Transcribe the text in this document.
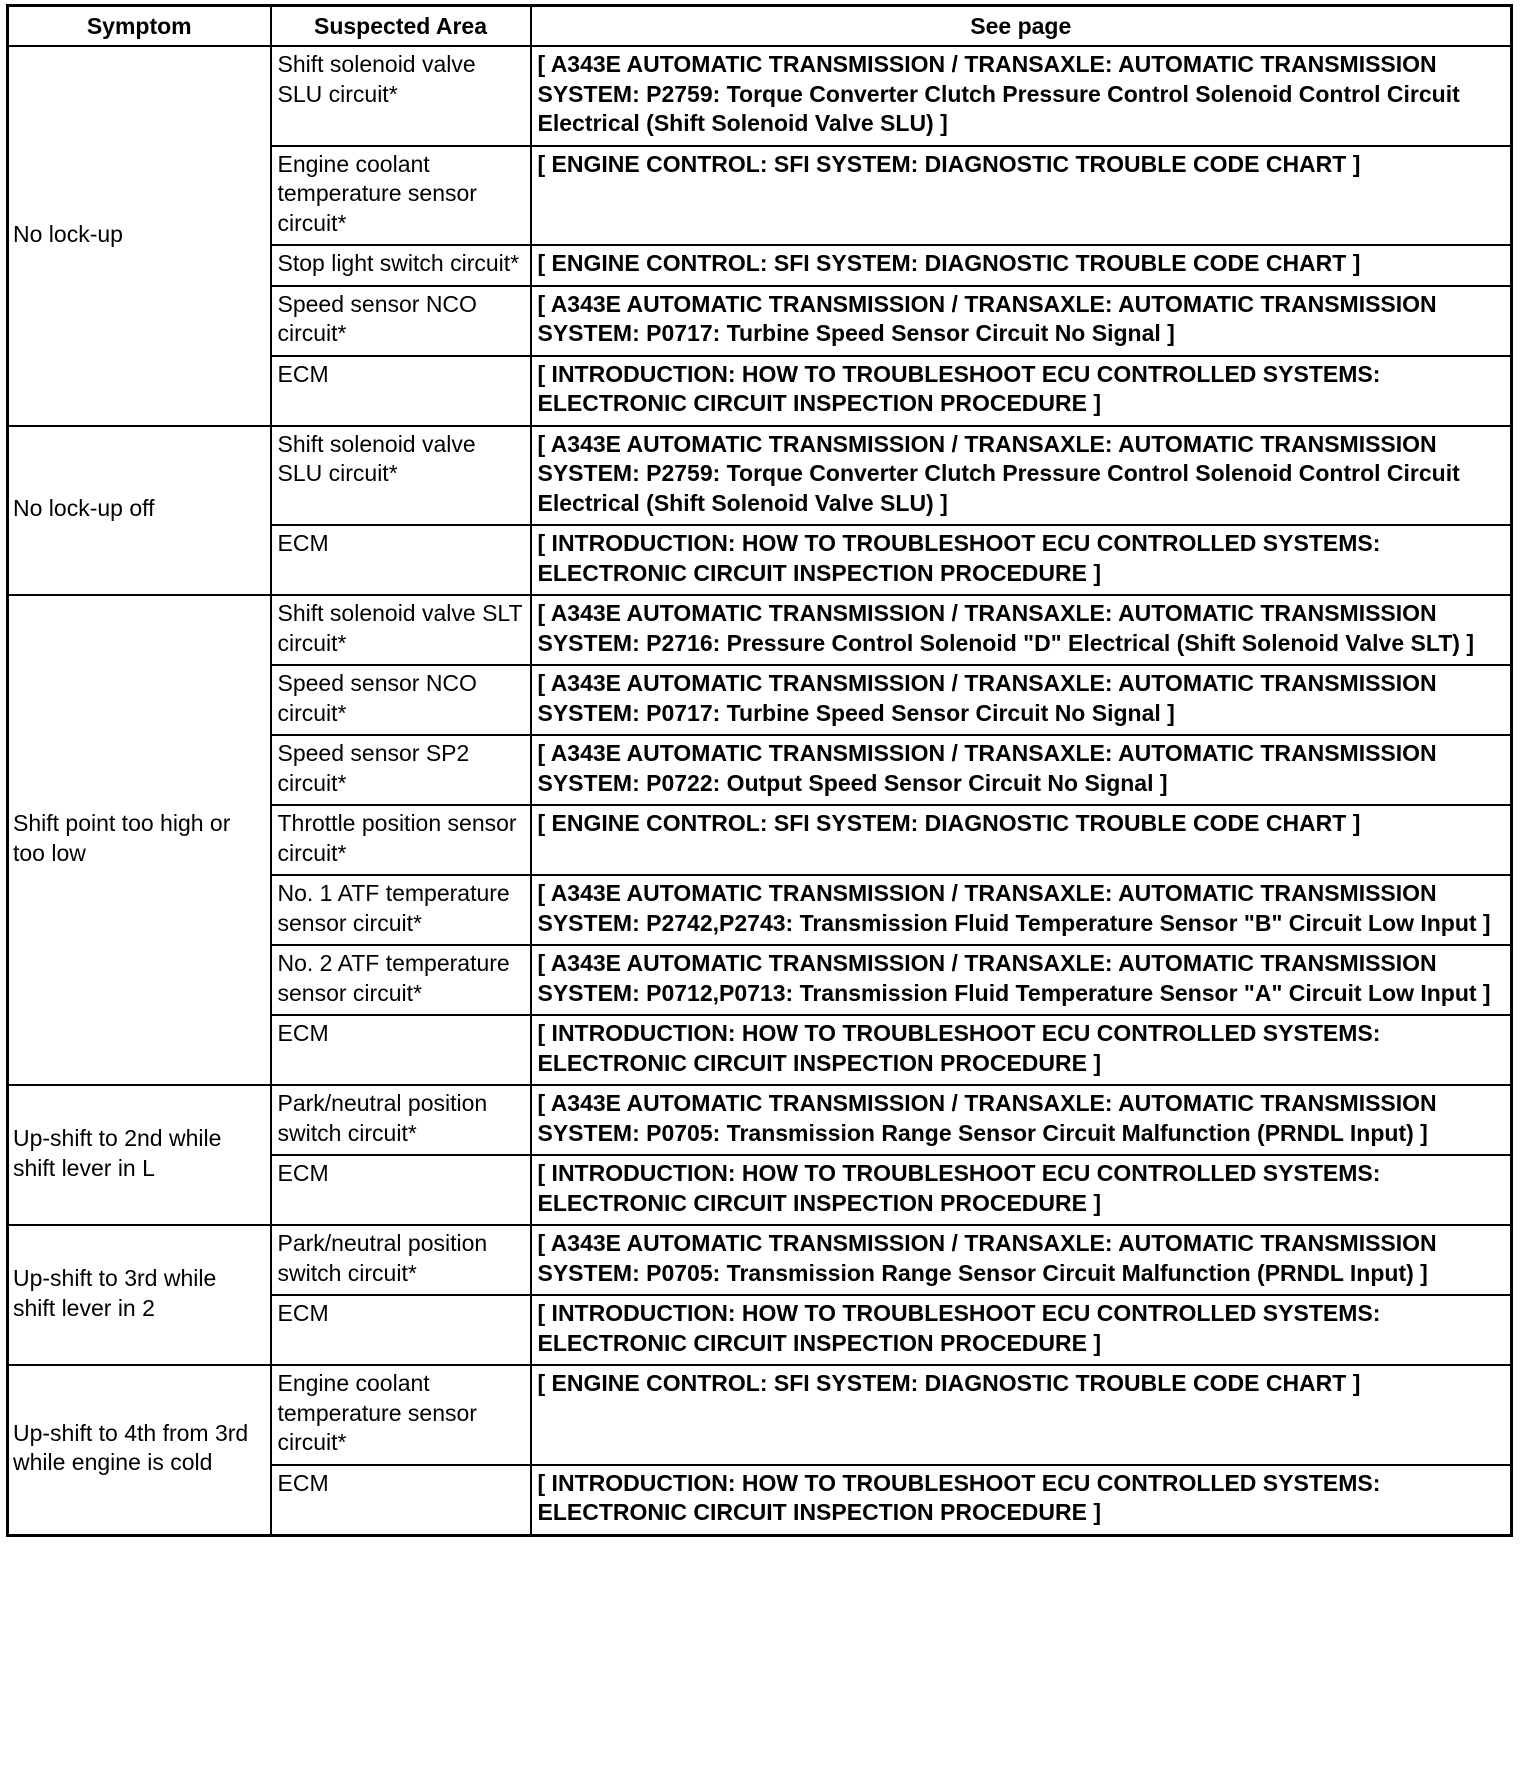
Symptom	Suspected Area	See page
No lock-up	Shift solenoid valve SLU circuit*	[ A343E AUTOMATIC TRANSMISSION / TRANSAXLE: AUTOMATIC TRANSMISSION SYSTEM: P2759: Torque Converter Clutch Pressure Control Solenoid Control Circuit Electrical (Shift Solenoid Valve SLU) ]
	Engine coolant temperature sensor circuit*	[ ENGINE CONTROL: SFI SYSTEM: DIAGNOSTIC TROUBLE CODE CHART ]
	Stop light switch circuit*	[ ENGINE CONTROL: SFI SYSTEM: DIAGNOSTIC TROUBLE CODE CHART ]
	Speed sensor NCO circuit*	[ A343E AUTOMATIC TRANSMISSION / TRANSAXLE: AUTOMATIC TRANSMISSION SYSTEM: P0717: Turbine Speed Sensor Circuit No Signal ]
	ECM	[ INTRODUCTION: HOW TO TROUBLESHOOT ECU CONTROLLED SYSTEMS: ELECTRONIC CIRCUIT INSPECTION PROCEDURE ]
No lock-up off	Shift solenoid valve SLU circuit*	[ A343E AUTOMATIC TRANSMISSION / TRANSAXLE: AUTOMATIC TRANSMISSION SYSTEM: P2759: Torque Converter Clutch Pressure Control Solenoid Control Circuit Electrical (Shift Solenoid Valve SLU) ]
	ECM	[ INTRODUCTION: HOW TO TROUBLESHOOT ECU CONTROLLED SYSTEMS: ELECTRONIC CIRCUIT INSPECTION PROCEDURE ]
Shift point too high or too low	Shift solenoid valve SLT circuit*	[ A343E AUTOMATIC TRANSMISSION / TRANSAXLE: AUTOMATIC TRANSMISSION SYSTEM: P2716: Pressure Control Solenoid "D" Electrical (Shift Solenoid Valve SLT) ]
	Speed sensor NCO circuit*	[ A343E AUTOMATIC TRANSMISSION / TRANSAXLE: AUTOMATIC TRANSMISSION SYSTEM: P0717: Turbine Speed Sensor Circuit No Signal ]
	Speed sensor SP2 circuit*	[ A343E AUTOMATIC TRANSMISSION / TRANSAXLE: AUTOMATIC TRANSMISSION SYSTEM: P0722: Output Speed Sensor Circuit No Signal ]
	Throttle position sensor circuit*	[ ENGINE CONTROL: SFI SYSTEM: DIAGNOSTIC TROUBLE CODE CHART ]
	No. 1 ATF temperature sensor circuit*	[ A343E AUTOMATIC TRANSMISSION / TRANSAXLE: AUTOMATIC TRANSMISSION SYSTEM: P2742,P2743: Transmission Fluid Temperature Sensor "B" Circuit Low Input ]
	No. 2 ATF temperature sensor circuit*	[ A343E AUTOMATIC TRANSMISSION / TRANSAXLE: AUTOMATIC TRANSMISSION SYSTEM: P0712,P0713: Transmission Fluid Temperature Sensor "A" Circuit Low Input ]
	ECM	[ INTRODUCTION: HOW TO TROUBLESHOOT ECU CONTROLLED SYSTEMS: ELECTRONIC CIRCUIT INSPECTION PROCEDURE ]
Up-shift to 2nd while shift lever in L	Park/neutral position switch circuit*	[ A343E AUTOMATIC TRANSMISSION / TRANSAXLE: AUTOMATIC TRANSMISSION SYSTEM: P0705: Transmission Range Sensor Circuit Malfunction (PRNDL Input) ]
	ECM	[ INTRODUCTION: HOW TO TROUBLESHOOT ECU CONTROLLED SYSTEMS: ELECTRONIC CIRCUIT INSPECTION PROCEDURE ]
Up-shift to 3rd while shift lever in 2	Park/neutral position switch circuit*	[ A343E AUTOMATIC TRANSMISSION / TRANSAXLE: AUTOMATIC TRANSMISSION SYSTEM: P0705: Transmission Range Sensor Circuit Malfunction (PRNDL Input) ]
	ECM	[ INTRODUCTION: HOW TO TROUBLESHOOT ECU CONTROLLED SYSTEMS: ELECTRONIC CIRCUIT INSPECTION PROCEDURE ]
Up-shift to 4th from 3rd while engine is cold	Engine coolant temperature sensor circuit*	[ ENGINE CONTROL: SFI SYSTEM: DIAGNOSTIC TROUBLE CODE CHART ]
	ECM	[ INTRODUCTION: HOW TO TROUBLESHOOT ECU CONTROLLED SYSTEMS: ELECTRONIC CIRCUIT INSPECTION PROCEDURE ]
